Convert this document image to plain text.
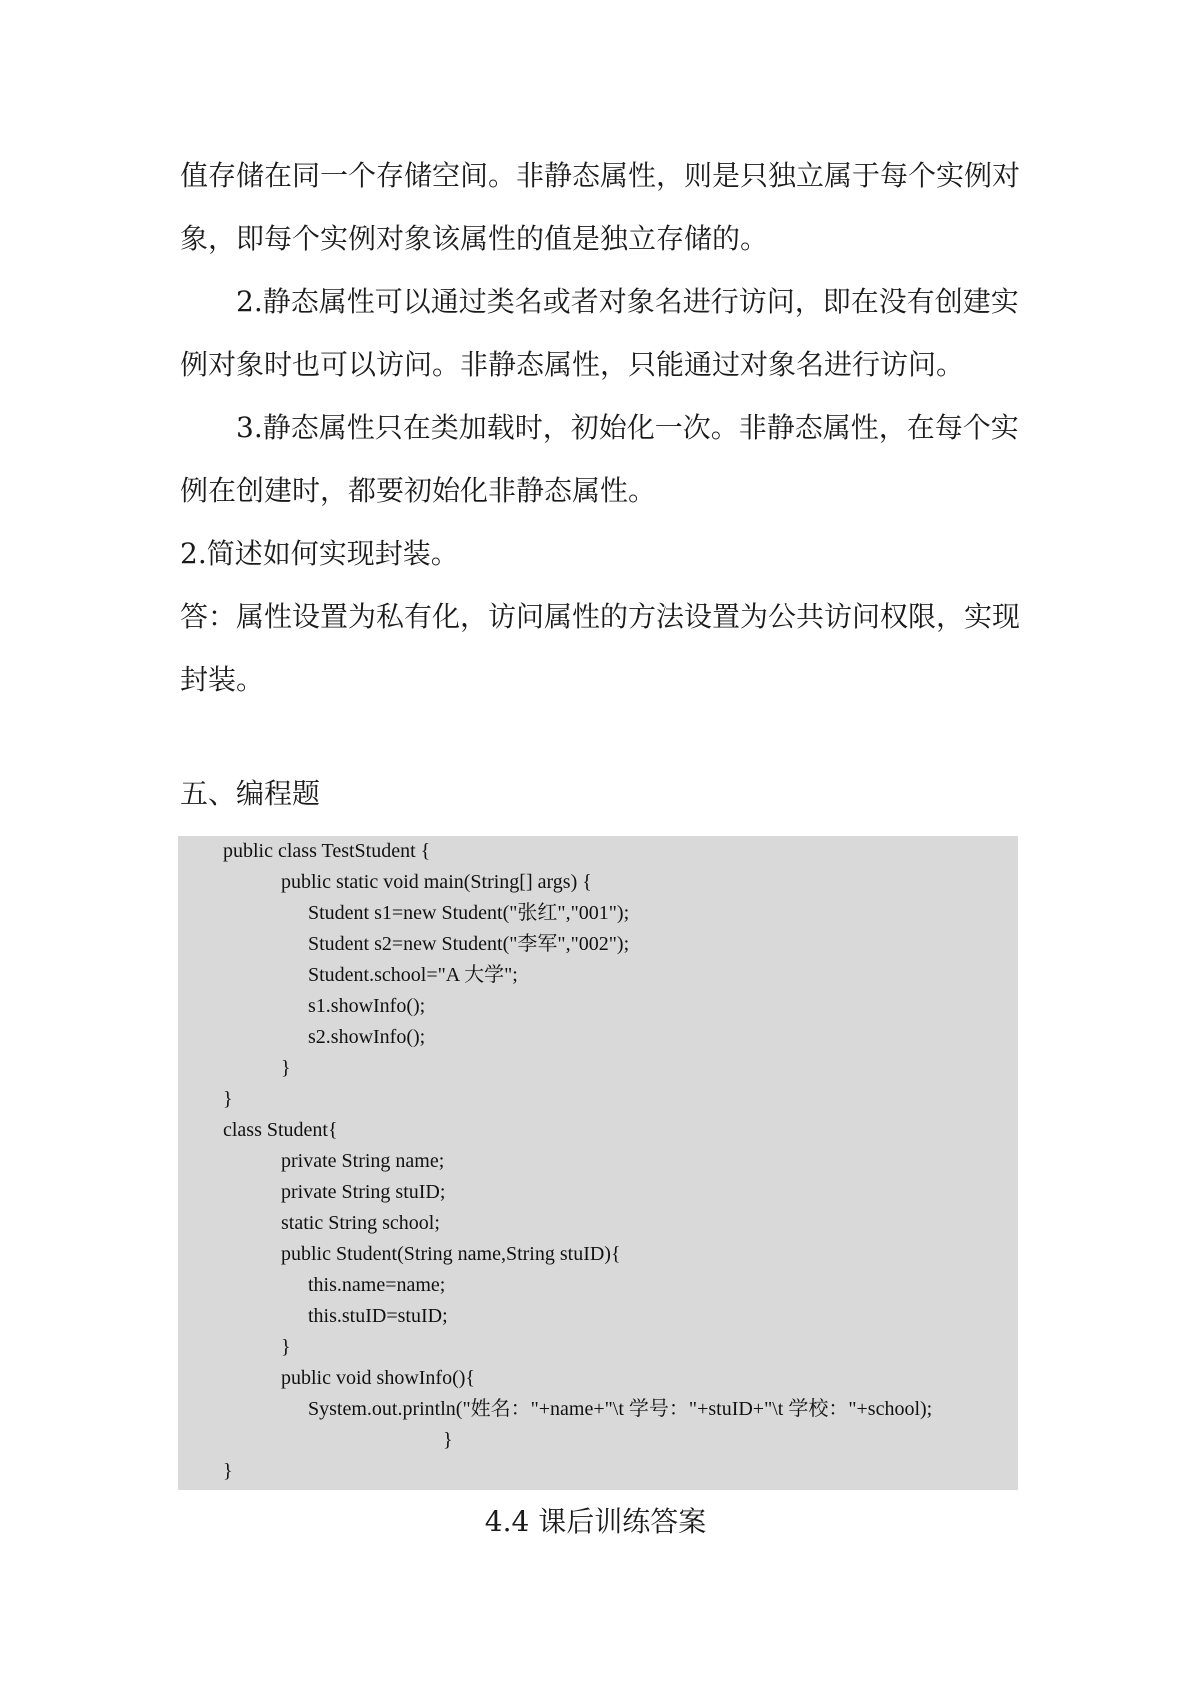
值存储在同一个存储空间。非静态属性，则是只独立属于每个实例对
象，即每个实例对象该属性的值是独立存储的。
2.静态属性可以通过类名或者对象名进行访问，即在没有创建实
例对象时也可以访问。非静态属性，只能通过对象名进行访问。
3.静态属性只在类加载时，初始化一次。非静态属性，在每个实
例在创建时，都要初始化非静态属性。
2.简述如何实现封装。
答：属性设置为私有化，访问属性的方法设置为公共访问权限，实现
封装。
五、编程题
public class TestStudent {
public static void main(String[] args) {
Student s1=new Student("张红","001");
Student s2=new Student("李军","002");
Student.school="A 大学";
s1.showInfo();
s2.showInfo();
}
}
class Student{
private String name;
private String stuID;
static String school;
public Student(String name,String stuID){
this.name=name;
this.stuID=stuID;
}
public void showInfo(){
System.out.println("姓名："+name+"\t 学号："+stuID+"\t 学校："+school);
}
}
4.4 课后训练答案
